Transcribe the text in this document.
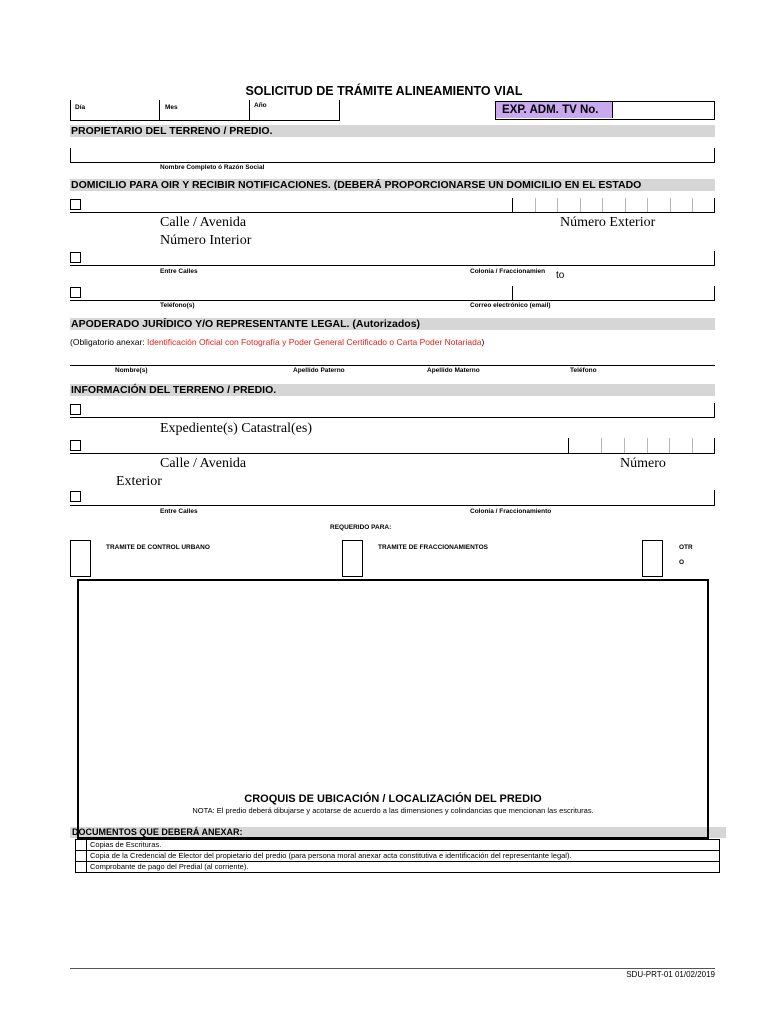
SOLICITUD DE TRÁMITE ALINEAMIENTO VIAL
Día	Mes	Año	EXP. ADM. TV No.
PROPIETARIO DEL TERRENO / PREDIO.
Nombre Completo ó Razón Social
DOMICILIO PARA OIR Y RECIBIR NOTIFICACIONES. (DEBERÁ PROPORCIONARSE UN DOMICILIO EN EL ESTADO
Calle / Avenida	Número Exterior
Número Interior
Entre Calles	Colonia / Fraccionamien to
Teléfono(s)	Correo electrónico (email)
APODERADO JURÍDICO Y/O REPRESENTANTE LEGAL. (Autorizados)
(Obligatorio anexar: Identificación Oficial con Fotografía y Poder General Certificado o Carta Poder Notariada)
Nombre(s)	Apellido Paterno	Apellido Materno	Teléfono
INFORMACIÓN DEL TERRENO / PREDIO.
Expediente(s) Catastral(es)
Calle / Avenida	Número
Exterior
Entre Calles	Colonia / Fraccionamiento
REQUERIDO PARA:
TRAMITE DE CONTROL URBANO	TRAMITE DE FRACCIONAMIENTOS	OTR
O
DOCUMENTOS QUE DEBERÁ ANEXAR:
CROQUIS DE UBICACIÓN / LOCALIZACIÓN DEL PREDIO
NOTA: El predio deberá dibujarse y acotarse de acuerdo a las dimensiones y colindancias que mencionan las escrituras.
	Copias de Escrituras.
	Copia de la Credencial de Elector del propietario del predio (para persona moral anexar acta constitutiva e identificación del representante legal).
	Comprobante de pago del Predial (al corriente).
SDU-PRT-01 01/02/2019
